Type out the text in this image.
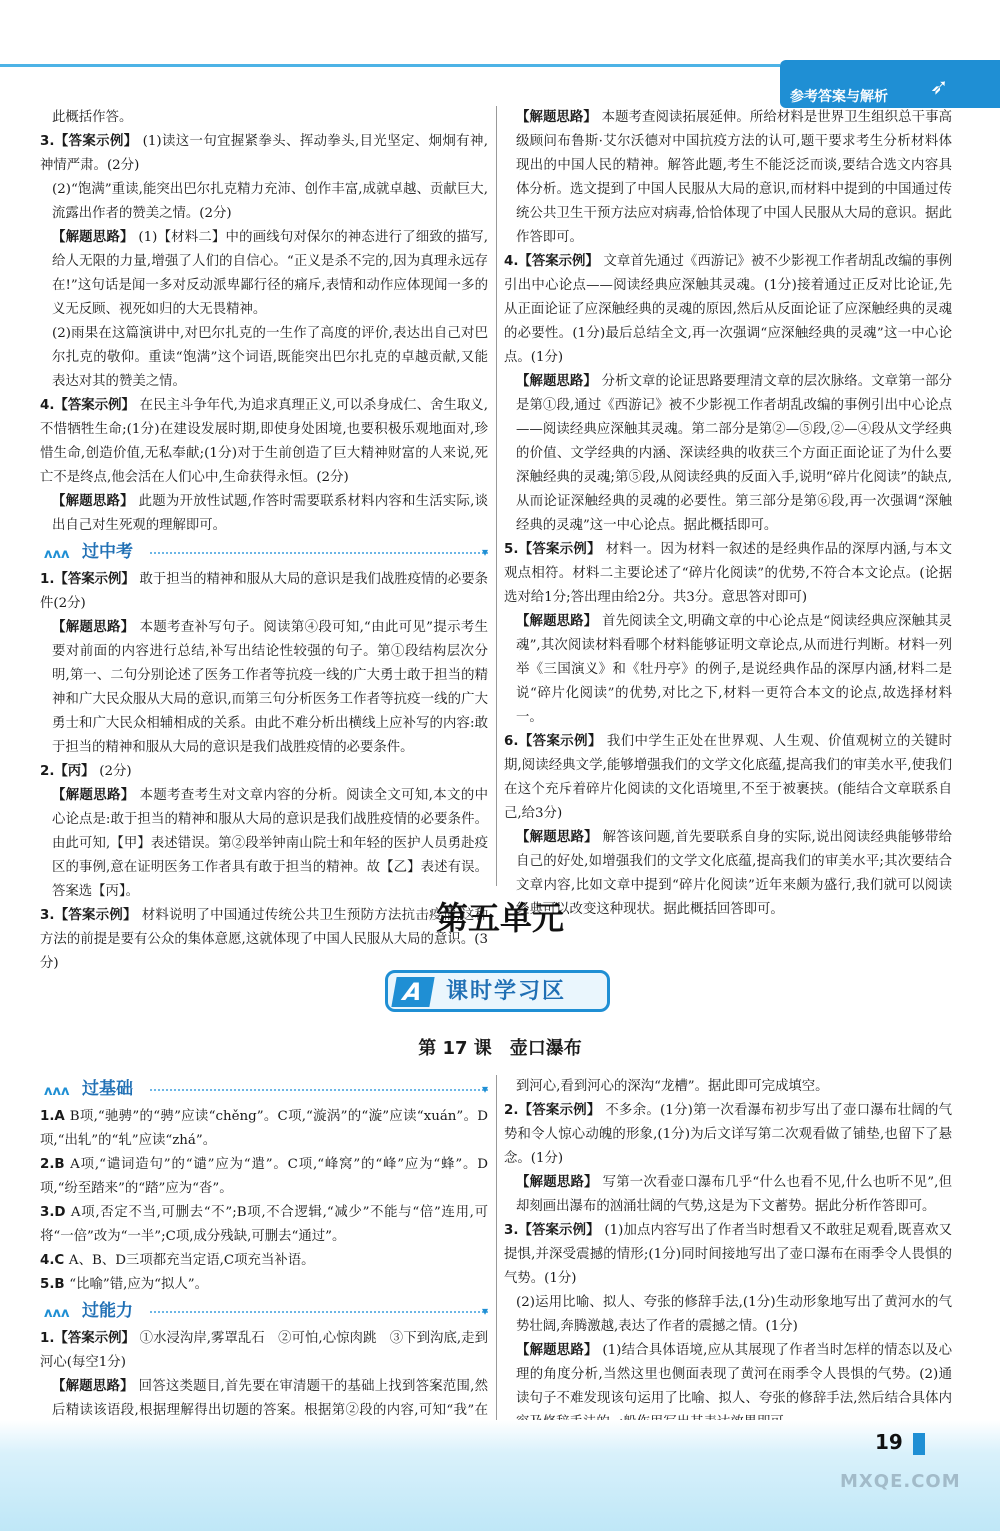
参考答案与解析 ➶

此概括作答。

3.【答案示例】 (1)读这一句宜握紧拳头、挥动拳头,目光坚定、炯炯有神,神情严肃。(2分)

(2)“饱满”重读,能突出巴尔扎克精力充沛、创作丰富,成就卓越、贡献巨大,流露出作者的赞美之情。(2分)

【解题思路】 (1)【材料二】中的画线句对保尔的神态进行了细致的描写,给人无限的力量,增强了人们的自信心。“正义是杀不完的,因为真理永远存在!”这句话是闻一多对反动派卑鄙行径的痛斥,表情和动作应体现闻一多的义无反顾、视死如归的大无畏精神。

(2)雨果在这篇演讲中,对巴尔扎克的一生作了高度的评价,表达出自己对巴尔扎克的敬仰。重读“饱满”这个词语,既能突出巴尔扎克的卓越贡献,又能表达对其的赞美之情。

4.【答案示例】 在民主斗争年代,为追求真理正义,可以杀身成仁、舍生取义,不惜牺牲生命;(1分)在建设发展时期,即使身处困境,也要积极乐观地面对,珍惜生命,创造价值,无私奉献;(1分)对于生前创造了巨大精神财富的人来说,死亡不是终点,他会活在人们心中,生命获得永恒。(2分)

【解题思路】 此题为开放性试题,作答时需要联系材料内容和生活实际,谈出自己对生死观的理解即可。

ʌʌʌ 过中考	▾

1.【答案示例】 敢于担当的精神和服从大局的意识是我们战胜疫情的必要条件(2分)

【解题思路】 本题考查补写句子。阅读第④段可知,“由此可见”提示考生要对前面的内容进行总结,补写出结论性较强的句子。第①段结构层次分明,第一、二句分别论述了医务工作者等抗疫一线的广大勇士敢于担当的精神和广大民众服从大局的意识,而第三句分析医务工作者等抗疫一线的广大勇士和广大民众相辅相成的关系。由此不难分析出横线上应补写的内容:敢于担当的精神和服从大局的意识是我们战胜疫情的必要条件。

2.【丙】 (2分)

【解题思路】 本题考查考生对文章内容的分析。阅读全文可知,本文的中心论点是:敢于担当的精神和服从大局的意识是我们战胜疫情的必要条件。由此可知,【甲】表述错误。第②段举钟南山院士和年轻的医护人员勇赴疫区的事例,意在证明医务工作者具有敢于担当的精神。故【乙】表述有误。答案选【丙】。

3.【答案示例】 材料说明了中国通过传统公共卫生预防方法抗击疫情,这种方法的前提是要有公众的集体意愿,这就体现了中国人民服从大局的意识。(3分)

【解题思路】 本题考查阅读拓展延伸。所给材料是世界卫生组织总干事高级顾问布鲁斯·艾尔沃德对中国抗疫方法的认可,题干要求考生分析材料体现出的中国人民的精神。解答此题,考生不能泛泛而谈,要结合选文内容具体分析。选文提到了中国人民服从大局的意识,而材料中提到的中国通过传统公共卫生干预方法应对病毒,恰恰体现了中国人民服从大局的意识。据此作答即可。

4.【答案示例】 文章首先通过《西游记》被不少影视工作者胡乱改编的事例引出中心论点——阅读经典应深触其灵魂。(1分)接着通过正反对比论证,先从正面论证了应深触经典的灵魂的原因,然后从反面论证了应深触经典的灵魂的必要性。(1分)最后总结全文,再一次强调“应深触经典的灵魂”这一中心论点。(1分)

【解题思路】 分析文章的论证思路要理清文章的层次脉络。文章第一部分是第①段,通过《西游记》被不少影视工作者胡乱改编的事例引出中心论点——阅读经典应深触其灵魂。第二部分是第②—⑤段,②—④段从文学经典的价值、文学经典的内涵、深读经典的收获三个方面正面论证了为什么要深触经典的灵魂;第⑤段,从阅读经典的反面入手,说明“碎片化阅读”的缺点,从而论证深触经典的灵魂的必要性。第三部分是第⑥段,再一次强调“深触经典的灵魂”这一中心论点。据此概括即可。

5.【答案示例】 材料一。因为材料一叙述的是经典作品的深厚内涵,与本文观点相符。材料二主要论述了“碎片化阅读”的优势,不符合本文论点。(论据选对给1分;答出理由给2分。共3分。意思答对即可)

【解题思路】 首先阅读全文,明确文章的中心论点是“阅读经典应深触其灵魂”,其次阅读材料看哪个材料能够证明文章论点,从而进行判断。材料一列举《三国演义》和《牡丹亭》的例子,是说经典作品的深厚内涵,材料二是说“碎片化阅读”的优势,对比之下,材料一更符合本文的论点,故选择材料一。

6.【答案示例】 我们中学生正处在世界观、人生观、价值观树立的关键时期,阅读经典文学,能够增强我们的文学文化底蕴,提高我们的审美水平,使我们在这个充斥着碎片化阅读的文化语境里,不至于被裹挟。(能结合文章联系自己,给3分)

【解题思路】 解答该问题,首先要联系自身的实际,说出阅读经典能够带给自己的好处,如增强我们的文学文化底蕴,提高我们的审美水平;其次要结合文章内容,比如文章中提到“碎片化阅读”近年来颇为盛行,我们就可以阅读经典可以改变这种现状。据此概括回答即可。

第五单元
A 课时学习区
第 17 课　壶口瀑布
ʌʌʌ 过基础	▾

1.A B项,“驰骋”的“骋”应读“chěng”。C项,“漩涡”的“漩”应读“xuán”。D项,“出轧”的“轧”应读“zhá”。

2.B A项,“谴词造句”的“谴”应为“遣”。C项,“峰窝”的“峰”应为“蜂”。D项,“纷至踏来”的“踏”应为“沓”。

3.D A项,否定不当,可删去“不”;B项,不合逻辑,“减少”不能与“倍”连用,可将“一倍”改为“一半”;C项,成分残缺,可删去“通过”。

4.C A、B、D三项都充当定语,C项充当补语。

5.B “比喻”错,应为“拟人”。

ʌʌʌ 过能力	▾

1.【答案示例】 ①水浸沟岸,雾罩乱石　②可怕,心惊肉跳　③下到沟底,走到河心(每空1分)

【解题思路】 回答这类题目,首先要在审清题干的基础上找到答案范围,然后精读该语段,根据理解得出切题的答案。根据第②段的内容,可知“我”在

到河心,看到河心的深沟“龙槽”。据此即可完成填空。

2.【答案示例】 不多余。(1分)第一次看瀑布初步写出了壶口瀑布壮阔的气势和令人惊心动魄的形象,(1分)为后文详写第二次观看做了铺垫,也留下了悬念。(1分)

【解题思路】 写第一次看壶口瀑布几乎“什么也看不见,什么也听不见”,但却刻画出瀑布的汹涌壮阔的气势,这是为下文蓄势。据此分析作答即可。

3.【答案示例】 (1)加点内容写出了作者当时想看又不敢驻足观看,既喜欢又提惧,并深受震撼的情形;(1分)同时间接地写出了壶口瀑布在雨季令人畏惧的气势。(1分)

(2)运用比喻、拟人、夸张的修辞手法,(1分)生动形象地写出了黄河水的气势壮阔,奔腾激越,表达了作者的震撼之情。(1分)

【解题思路】 (1)结合具体语境,应从其展现了作者当时怎样的情态以及心理的角度分析,当然这里也侧面表现了黄河在雨季令人畏惧的气势。(2)通读句子不难发现该句运用了比喻、拟人、夸张的修辞手法,然后结合具体内

19
MXQE.COM
